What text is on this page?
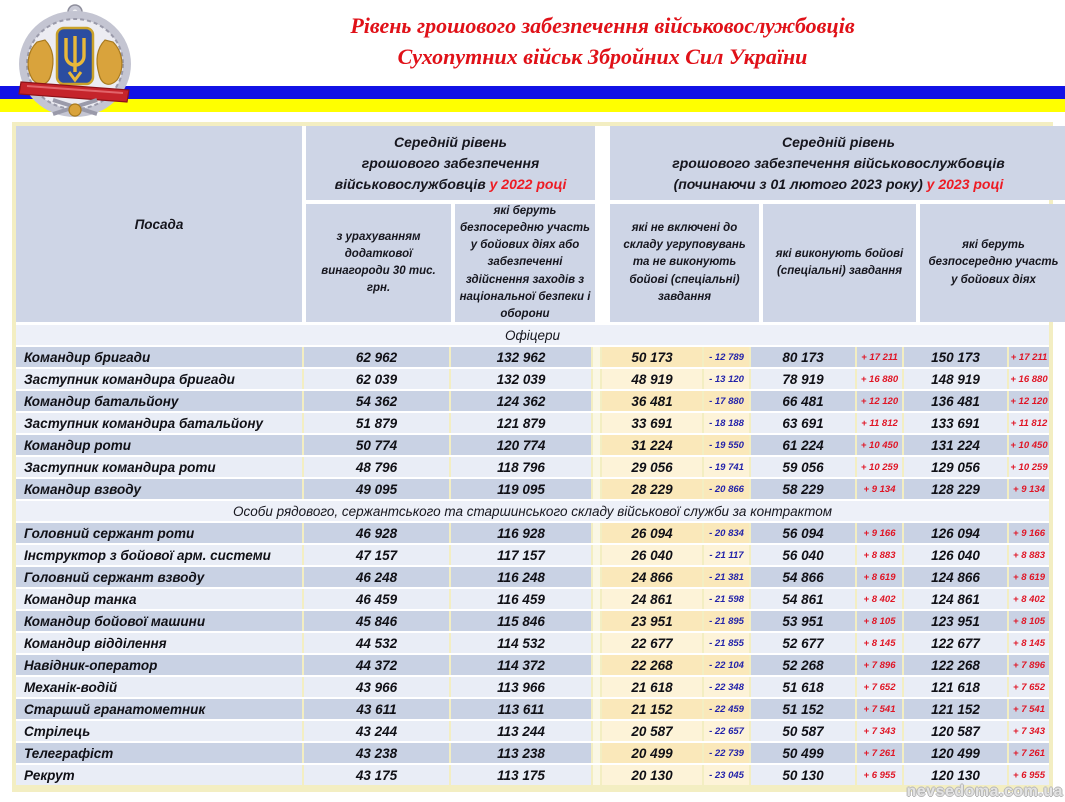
Рівень грошового забезпечення військовослужбовців
Сухопутних військ Збройних Сил України
Посада
Середній рівень
грошового забезпечення
військовослужбовців у 2022 році
Середній рівень
грошового забезпечення військовослужбовців
(починаючи з 01 лютого 2023 року) у 2023 році
з урахуванням додаткової винагороди 30 тис. грн.
які беруть безпосередню участь у бойових діях або забезпеченні здійснення заходів з національної безпеки і оборони
які не включені до складу угруповувань та не виконують бойові (спеціальні) завдання
які виконують бойові (спеціальні) завдання
які беруть безпосередню участь у бойових діях
Офіцери
Командир бригади	62 962	132 962	50 173	- 12 789	80 173	+ 17 211	150 173	+ 17 211
Заступник командира бригади	62 039	132 039	48 919	- 13 120	78 919	+ 16 880	148 919	+ 16 880
Командир батальйону	54 362	124 362	36 481	- 17 880	66 481	+ 12 120	136 481	+ 12 120
Заступник командира батальйону	51 879	121 879	33 691	- 18 188	63 691	+ 11 812	133 691	+ 11 812
Командир роти	50 774	120 774	31 224	- 19 550	61 224	+ 10 450	131 224	+ 10 450
Заступник командира роти	48 796	118 796	29 056	- 19 741	59 056	+ 10 259	129 056	+ 10 259
Командир взводу	49 095	119 095	28 229	- 20 866	58 229	+ 9 134	128 229	+ 9 134
Особи рядового, сержантського та старшинського складу військової служби за контрактом
Головний сержант роти	46 928	116 928	26 094	- 20 834	56 094	+ 9 166	126 094	+ 9 166
Інструктор з бойової арм. системи	47 157	117 157	26 040	- 21 117	56 040	+ 8 883	126 040	+ 8 883
Головний сержант взводу	46 248	116 248	24 866	- 21 381	54 866	+ 8 619	124 866	+ 8 619
Командир танка	46 459	116 459	24 861	- 21 598	54 861	+ 8 402	124 861	+ 8 402
Командир бойової машини	45 846	115 846	23 951	- 21 895	53 951	+ 8 105	123 951	+ 8 105
Командир відділення	44 532	114 532	22 677	- 21 855	52 677	+ 8 145	122 677	+ 8 145
Навідник-оператор	44 372	114 372	22 268	- 22 104	52 268	+ 7 896	122 268	+ 7 896
Механік-водій	43 966	113 966	21 618	- 22 348	51 618	+ 7 652	121 618	+ 7 652
Старший гранатометник	43 611	113 611	21 152	- 22 459	51 152	+ 7 541	121 152	+ 7 541
Стрілець	43 244	113 244	20 587	- 22 657	50 587	+ 7 343	120 587	+ 7 343
Телеграфіст	43 238	113 238	20 499	- 22 739	50 499	+ 7 261	120 499	+ 7 261
Рекрут	43 175	113 175	20 130	- 23 045	50 130	+ 6 955	120 130	+ 6 955
nevsedoma.com.ua
